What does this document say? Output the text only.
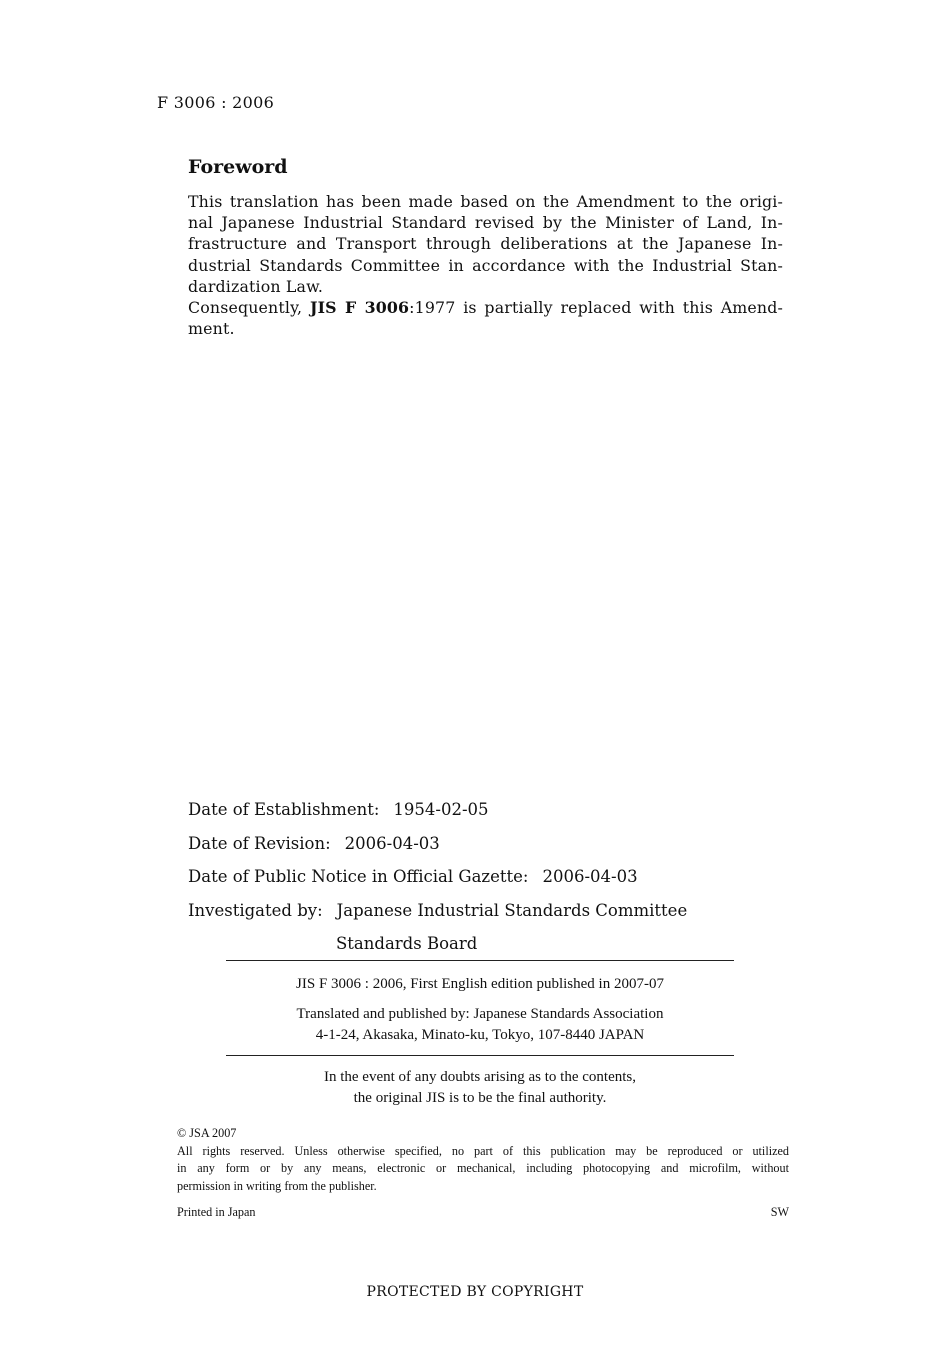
F 3006 : 2006
Foreword
This translation has been made based on the Amendment to the origi-
nal Japanese Industrial Standard revised by the Minister of Land, In-
frastructure and Transport through deliberations at the Japanese In-
dustrial Standards Committee in accordance with the Industrial Stan-
dardization Law.
Consequently, JIS F 3006:1977 is partially replaced with this Amend-
ment.
Date of Establishment: 1954-02-05
Date of Revision: 2006-04-03
Date of Public Notice in Official Gazette: 2006-04-03
Investigated by: Japanese Industrial Standards Committee
Standards Board
JIS F 3006 : 2006, First English edition published in 2007-07
Translated and published by: Japanese Standards Association
4-1-24, Akasaka, Minato-ku, Tokyo, 107-8440 JAPAN
In the event of any doubts arising as to the contents,
the original JIS is to be the final authority.
© JSA 2007
All rights reserved. Unless otherwise specified, no part of this publication may be reproduced or utilized
in any form or by any means, electronic or mechanical, including photocopying and microfilm, without
permission in writing from the publisher.
Printed in Japan	SW
PROTECTED BY COPYRIGHT
